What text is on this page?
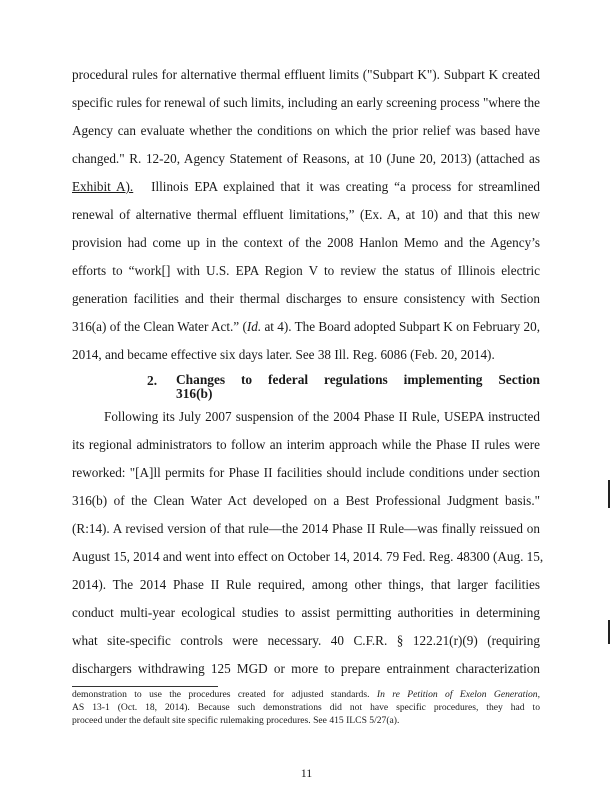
procedural rules for alternative thermal effluent limits ("Subpart K"). Subpart K created
specific rules for renewal of such limits, including an early screening process "where the
Agency can evaluate whether the conditions on which the prior relief was based have
changed." R. 12-20, Agency Statement of Reasons, at 10 (June 20, 2013) (attached as
Exhibit A). Illinois EPA explained that it was creating “a process for streamlined
renewal of alternative thermal effluent limitations,” (Ex. A, at 10) and that this new
provision had come up in the context of the 2008 Hanlon Memo and the Agency’s
efforts to “work[] with U.S. EPA Region V to review the status of Illinois electric
generation facilities and their thermal discharges to ensure consistency with Section
316(a) of the Clean Water Act.” (Id. at 4). The Board adopted Subpart K on February 20,
2014, and became effective six days later. See 38 Ill. Reg. 6086 (Feb. 20, 2014).
2. Changes to federal regulations implementing Section
316(b)
Following its July 2007 suspension of the 2004 Phase II Rule, USEPA instructed
its regional administrators to follow an interim approach while the Phase II rules were
reworked: "[A]ll permits for Phase II facilities should include conditions under section
316(b) of the Clean Water Act developed on a Best Professional Judgment basis."
(R:14). A revised version of that rule—the 2014 Phase II Rule—was finally reissued on
August 15, 2014 and went into effect on October 14, 2014. 79 Fed. Reg. 48300 (Aug. 15,
2014). The 2014 Phase II Rule required, among other things, that larger facilities
conduct multi-year ecological studies to assist permitting authorities in determining
what site-specific controls were necessary. 40 C.F.R. § 122.21(r)(9) (requiring
dischargers withdrawing 125 MGD or more to prepare entrainment characterization
demonstration to use the procedures created for adjusted standards. In re Petition of Exelon Generation,
AS 13-1 (Oct. 18, 2014). Because such demonstrations did not have specific procedures, they had to
proceed under the default site specific rulemaking procedures. See 415 ILCS 5/27(a).
11
